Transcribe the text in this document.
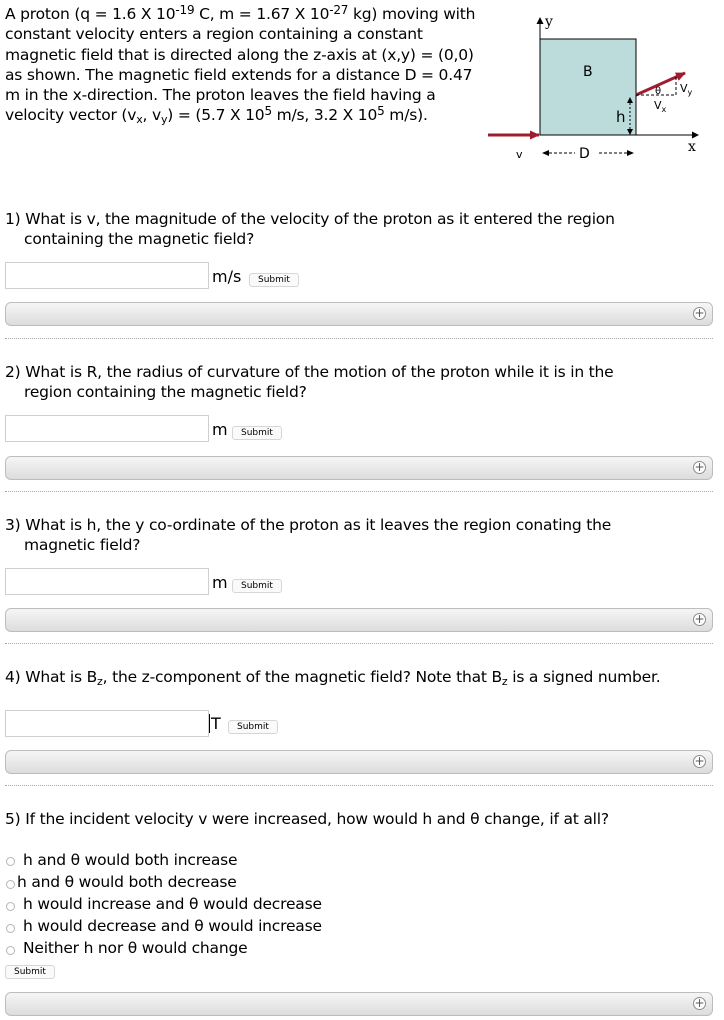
A proton (q = 1.6 X $10^{-19}$ C, m = 1.67 X $10^{-27}$ kg) moving with constant velocity enters a region containing a constant magnetic field that is directed along the z-axis at (x,y) = (0,0) as shown. The magnetic field extends for a distance D = 0.47 m in the x-direction. The proton leaves the field having a velocity vector ($v_x$, $v_y) = (5.7$ X $10^5$ m/s, 3.2 X $10^5$ m/s).
y
x
B
v
θ
$V_x$
$V_y$
h
D
1) What is v, the magnitude of the velocity of the proton as it entered the region
containing the magnetic field?
m/s	Submit
+
2) What is R, the radius of curvature of the motion of the proton while it is in the
region containing the magnetic field?
m	Submit
+
3) What is h, the y co-ordinate of the proton as it leaves the region conating the
magnetic field?
m	Submit
+
4) What is $B_z$, the z-component of the magnetic field? Note that $B_z$ is a signed number.
T	Submit
+
5) If the incident velocity v were increased, how would h and θ change, if at all?
h and θ would both increase
h and θ would both decrease
h would increase and θ would decrease
h would decrease and θ would increase
Neither h nor θ would change
Submit
+
